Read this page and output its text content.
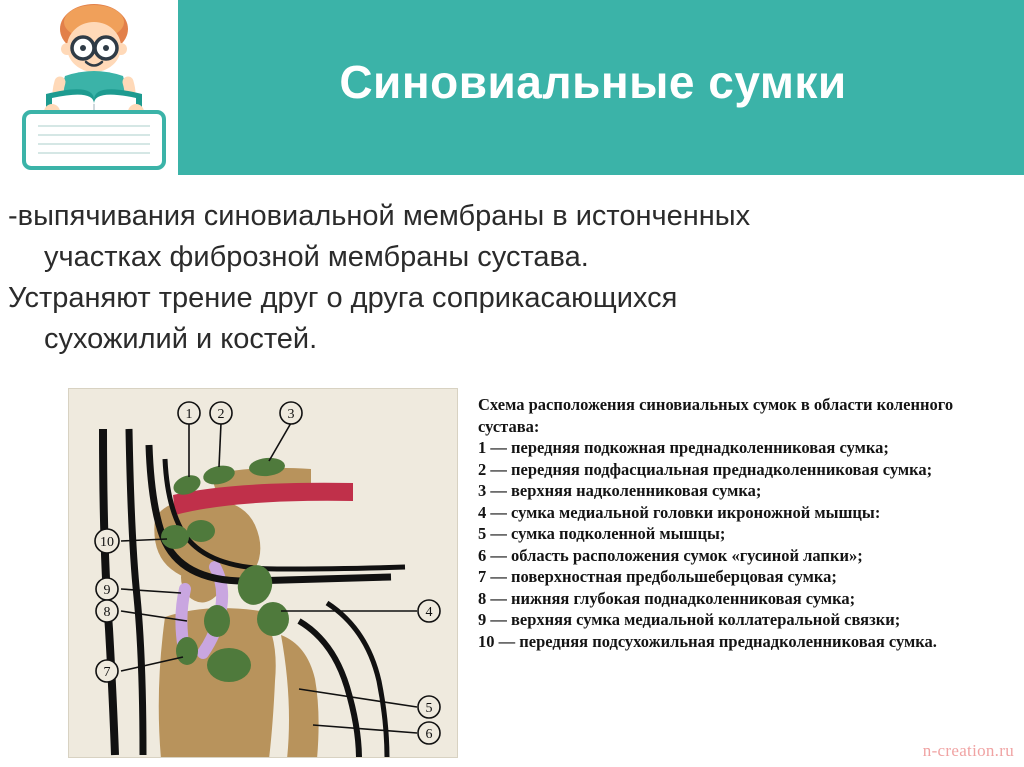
Синовиальные сумки

-выпячивания синовиальной мембраны в истонченных

участках фиброзной мембраны сустава.

Устраняют трение друг о друга соприкасающихся

сухожилий и костей.

1 2	3
10
9
8
7
4
5
6

Схема расположения синовиальных сумок в области коленного сустава:

1 — передняя подкожная преднадколенниковая сумка;

2 — передняя подфасциальная преднадколенниковая сумка;

3 — верхняя надколенниковая сумка;

4 — сумка медиальной головки икроножной мышцы:

5 — сумка подколенной мышцы;

6 — область расположения сумок «гусиной лапки»;

7 — поверхностная предбольшеберцовая сумка;

8 — нижняя глубокая поднадколенниковая сумка;

9 — верхняя сумка медиальной коллатеральной связки;

10 — передняя подсухожильная преднадколенниковая сумка.

n-creation.ru
